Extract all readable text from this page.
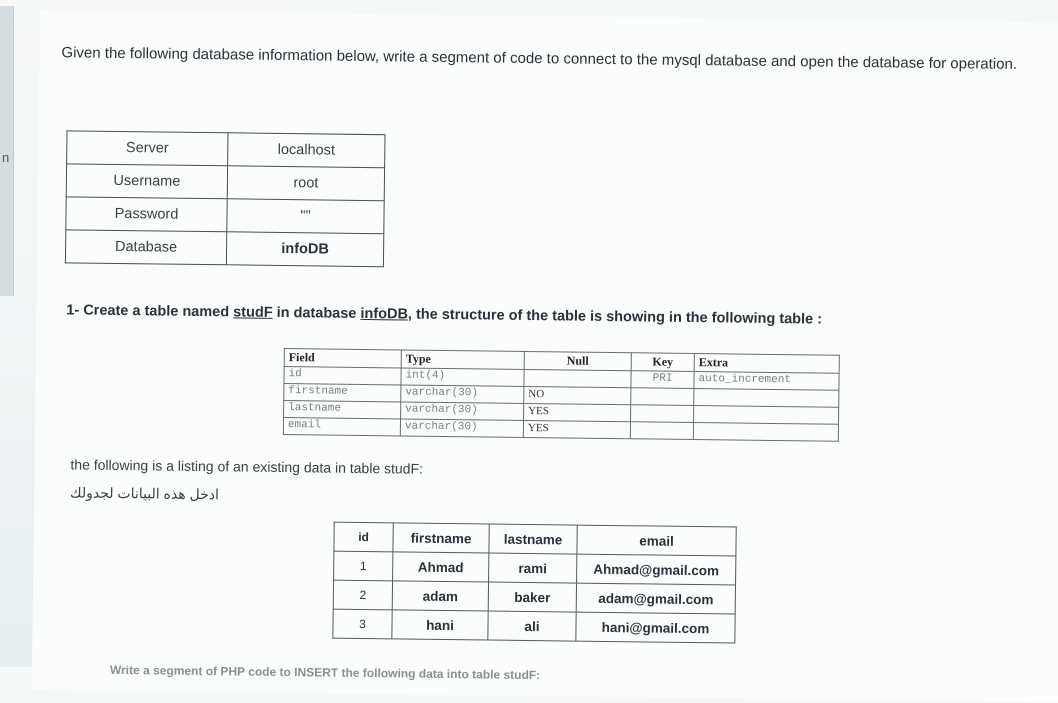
n
Given the following database information below, write a segment of code to connect to the mysql database and open the database for operation.
Server	localhost
Username	root
Password	""
Database	infoDB
1- Create a table named studF in database infoDB, the structure of the table is showing in the following table :
Field	Type	Null	Key	Extra
id	int(4)		PRI	auto_increment
firstname	varchar(30)	NO		
lastname	varchar(30)	YES		
email	varchar(30)	YES		
the following is a listing of an existing data in table studF:
ادخل هذه البيانات لجدولك
id	firstname	lastname	email
1	Ahmad	rami	Ahmad@gmail.com
2	adam	baker	adam@gmail.com
3	hani	ali	hani@gmail.com
Write a segment of PHP code to INSERT the following data into table studF:
